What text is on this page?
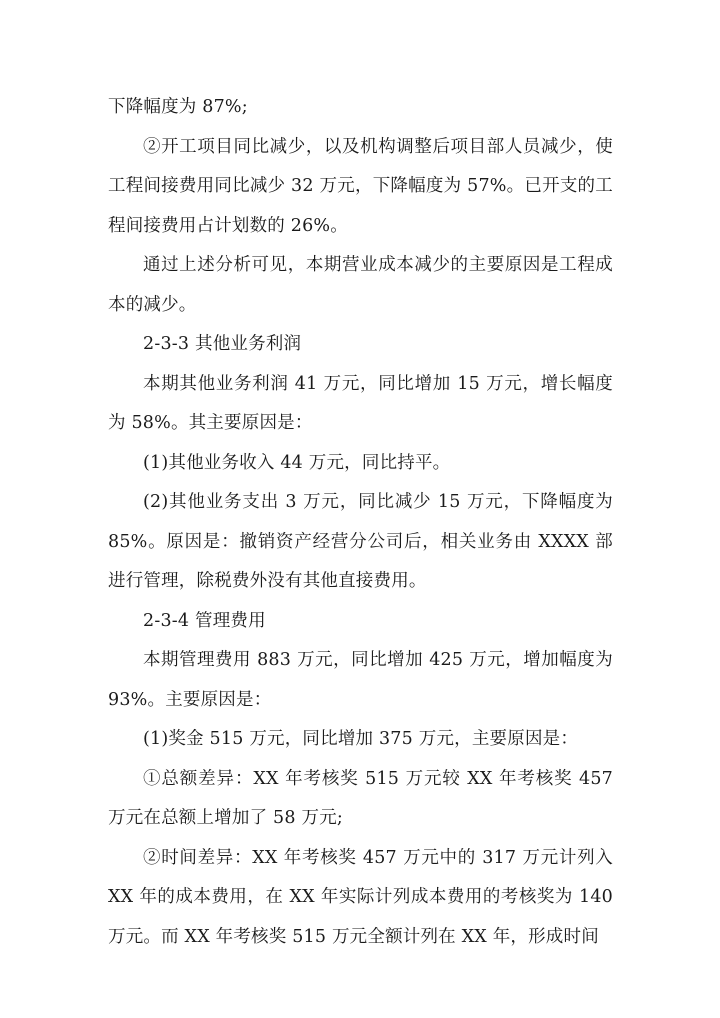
下降幅度为 87%;

②开工项目同比减少，以及机构调整后项目部人员减少，使工程间接费用同比减少 32 万元，下降幅度为 57%。已开支的工程间接费用占计划数的 26%。

通过上述分析可见，本期营业成本减少的主要原因是工程成本的减少。

2-3-3 其他业务利润

本期其他业务利润 41 万元，同比增加 15 万元，增长幅度为 58%。其主要原因是：

(1)其他业务收入 44 万元，同比持平。

(2)其他业务支出 3 万元，同比减少 15 万元，下降幅度为 85%。原因是：撤销资产经营分公司后，相关业务由 XXXX 部进行管理，除税费外没有其他直接费用。

2-3-4 管理费用

本期管理费用 883 万元，同比增加 425 万元，增加幅度为 93%。主要原因是：

(1)奖金 515 万元，同比增加 375 万元，主要原因是：

①总额差异：XX 年考核奖 515 万元较 XX 年考核奖 457 万元在总额上增加了 58 万元;

②时间差异：XX 年考核奖 457 万元中的 317 万元计列入 XX 年的成本费用，在 XX 年实际计列成本费用的考核奖为 140 万元。而 XX 年考核奖 515 万元全额计列在 XX 年，形成时间
